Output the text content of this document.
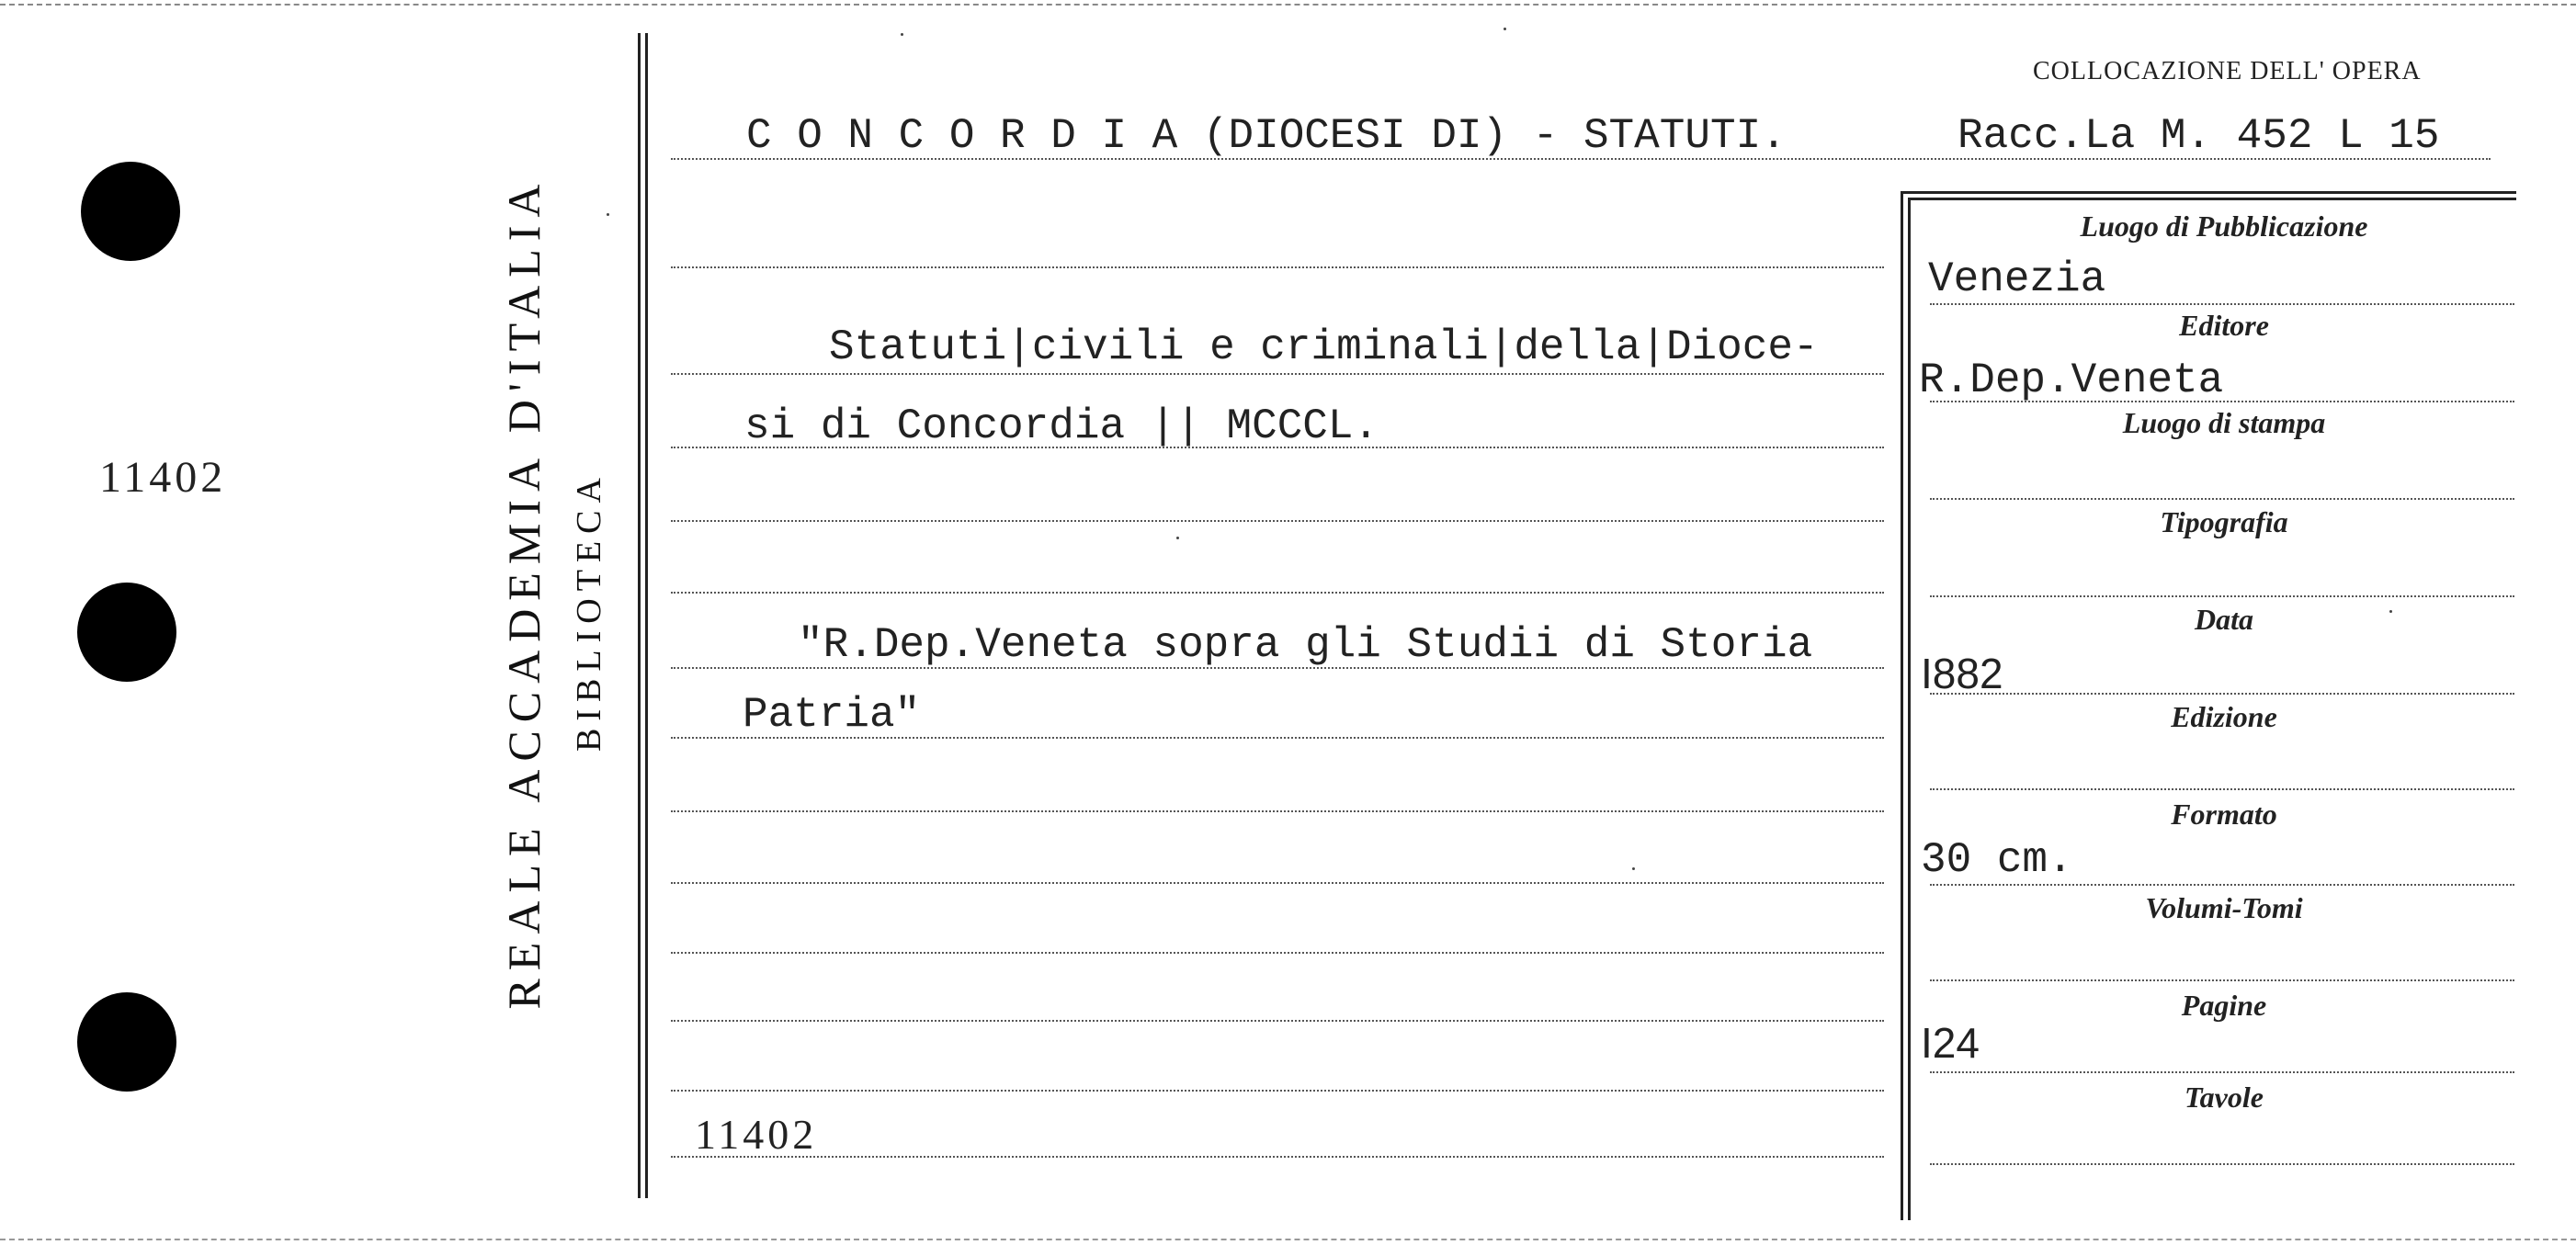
11402	REALE ACCADEMIA D'ITALIA BIBLIOTECA
COLLOCAZIONE DELL' OPERA
Racc.La M. 452 L 15
C O N C O R D I A (DIOCESI DI) - STATUTI.
Statuti|civili e criminali|della|Dioce-
si di Concordia || MCCCL.
"R.Dep.Veneta sopra gli Studii di Storia
Patria"
11402
Luogo di Pubblicazione
Editore
Luogo di stampa
Tipografia
Data
Edizione
Formato
Volumi-Tomi
Pagine
Tavole
Venezia
R.Dep.Veneta
I882
30 cm.
I24
